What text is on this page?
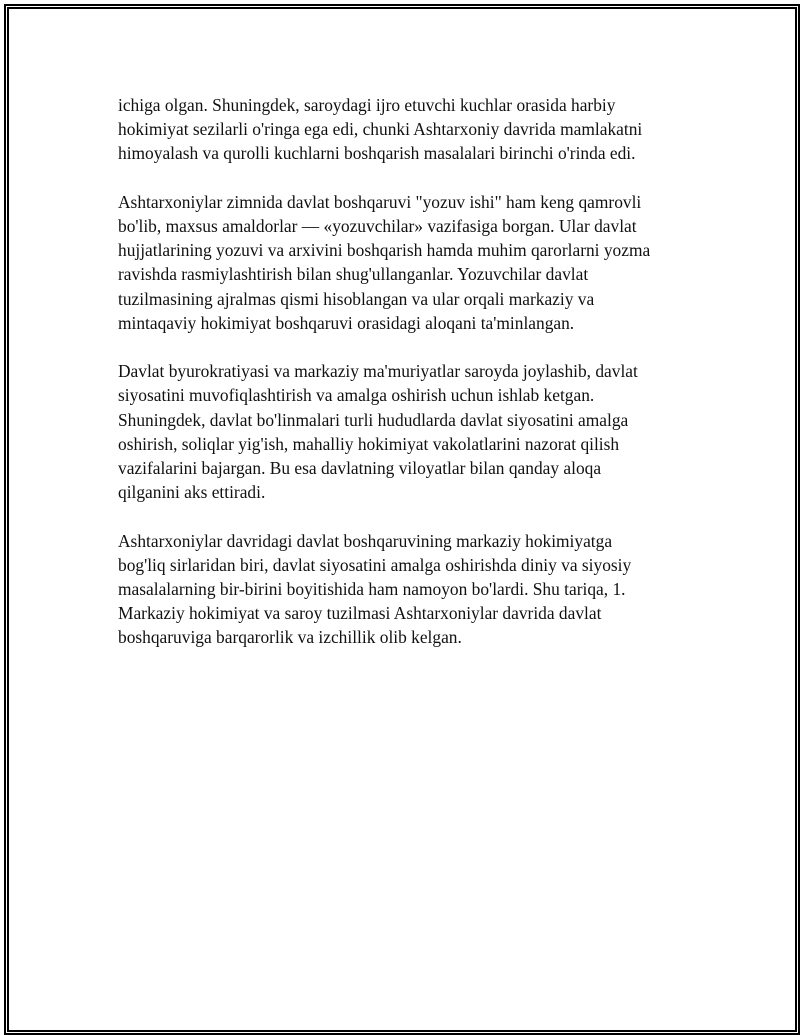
ichiga olgan. Shuningdek, saroydagi ijro etuvchi kuchlar orasida harbiy
hokimiyat sezilarli o'ringa ega edi, chunki Ashtarxoniy davrida mamlakatni
himoyalash va qurolli kuchlarni boshqarish masalalari birinchi o'rinda edi.

Ashtarxoniylar zimnida davlat boshqaruvi "yozuv ishi" ham keng qamrovli
bo'lib, maxsus amaldorlar — «yozuvchilar» vazifasiga borgan. Ular davlat
hujjatlarining yozuvi va arxivini boshqarish hamda muhim qarorlarni yozma
ravishda rasmiylashtirish bilan shug'ullanganlar. Yozuvchilar davlat
tuzilmasining ajralmas qismi hisoblangan va ular orqali markaziy va
mintaqaviy hokimiyat boshqaruvi orasidagi aloqani ta'minlangan.

Davlat byurokratiyasi va markaziy ma'muriyatlar saroyda joylashib, davlat
siyosatini muvofiqlashtirish va amalga oshirish uchun ishlab ketgan.
Shuningdek, davlat bo'linmalari turli hududlarda davlat siyosatini amalga
oshirish, soliqlar yig'ish, mahalliy hokimiyat vakolatlarini nazorat qilish
vazifalarini bajargan. Bu esa davlatning viloyatlar bilan qanday aloqa
qilganini aks ettiradi.

Ashtarxoniylar davridagi davlat boshqaruvining markaziy hokimiyatga
bog'liq sirlaridan biri, davlat siyosatini amalga oshirishda diniy va siyosiy
masalalarning bir-birini boyitishida ham namoyon bo'lardi. Shu tariqa, 1.
Markaziy hokimiyat va saroy tuzilmasi Ashtarxoniylar davrida davlat
boshqaruviga barqarorlik va izchillik olib kelgan.
